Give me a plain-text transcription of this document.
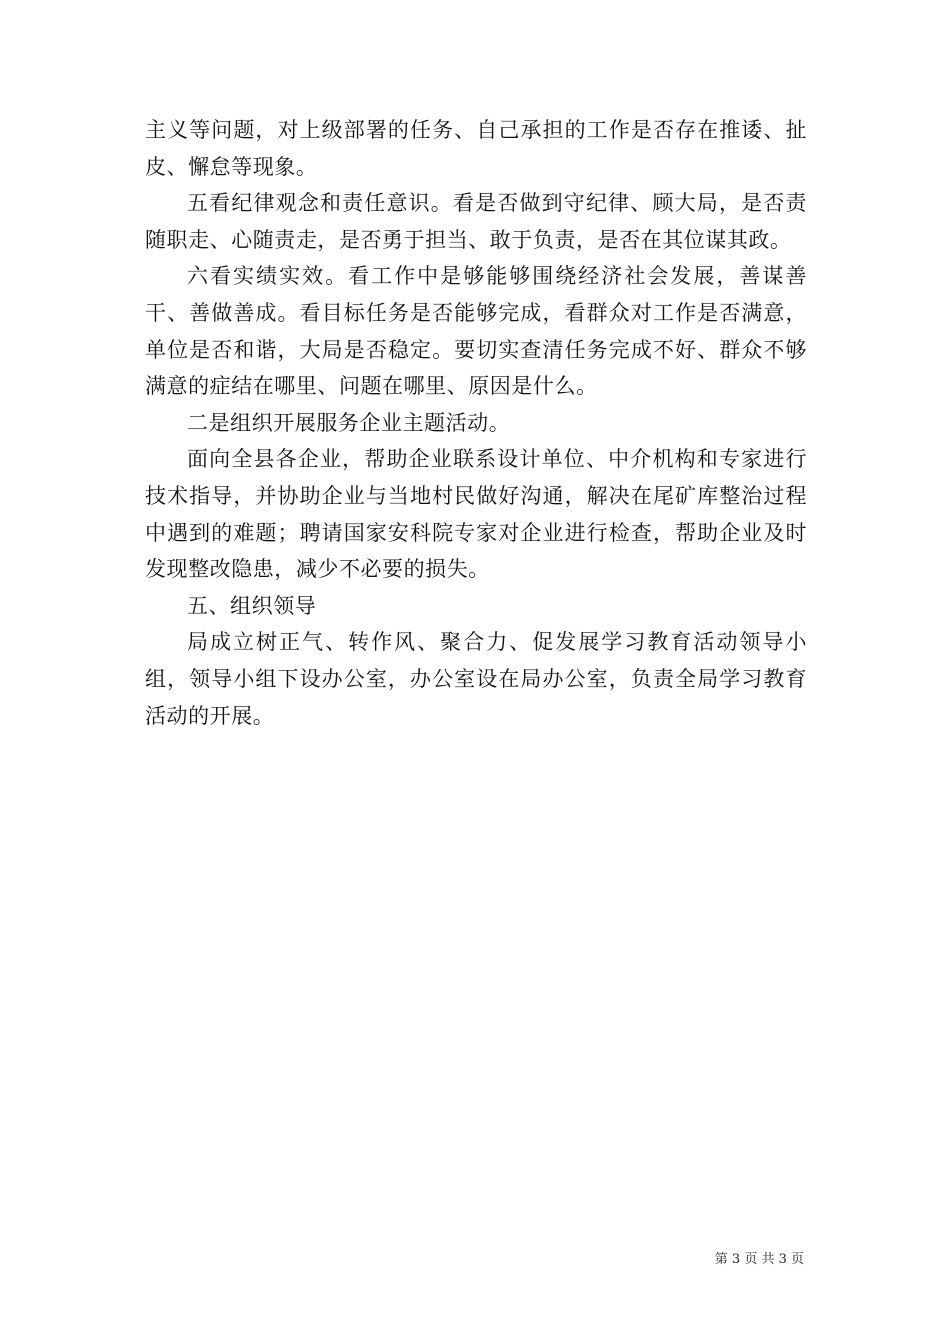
主义等问题，对上级部署的任务、自己承担的工作是否存在推诿、扯皮、懈怠等现象。

五看纪律观念和责任意识。看是否做到守纪律、顾大局，是否责随职走、心随责走，是否勇于担当、敢于负责，是否在其位谋其政。

六看实绩实效。看工作中是够能够围绕经济社会发展，善谋善干、善做善成。看目标任务是否能够完成，看群众对工作是否满意，单位是否和谐，大局是否稳定。要切实查清任务完成不好、群众不够满意的症结在哪里、问题在哪里、原因是什么。

二是组织开展服务企业主题活动。

面向全县各企业，帮助企业联系设计单位、中介机构和专家进行技术指导，并协助企业与当地村民做好沟通，解决在尾矿库整治过程中遇到的难题；聘请国家安科院专家对企业进行检查，帮助企业及时发现整改隐患，减少不必要的损失。

五、组织领导

局成立树正气、转作风、聚合力、促发展学习教育活动领导小组，领导小组下设办公室，办公室设在局办公室，负责全局学习教育活动的开展。

第 3 页 共 3 页
